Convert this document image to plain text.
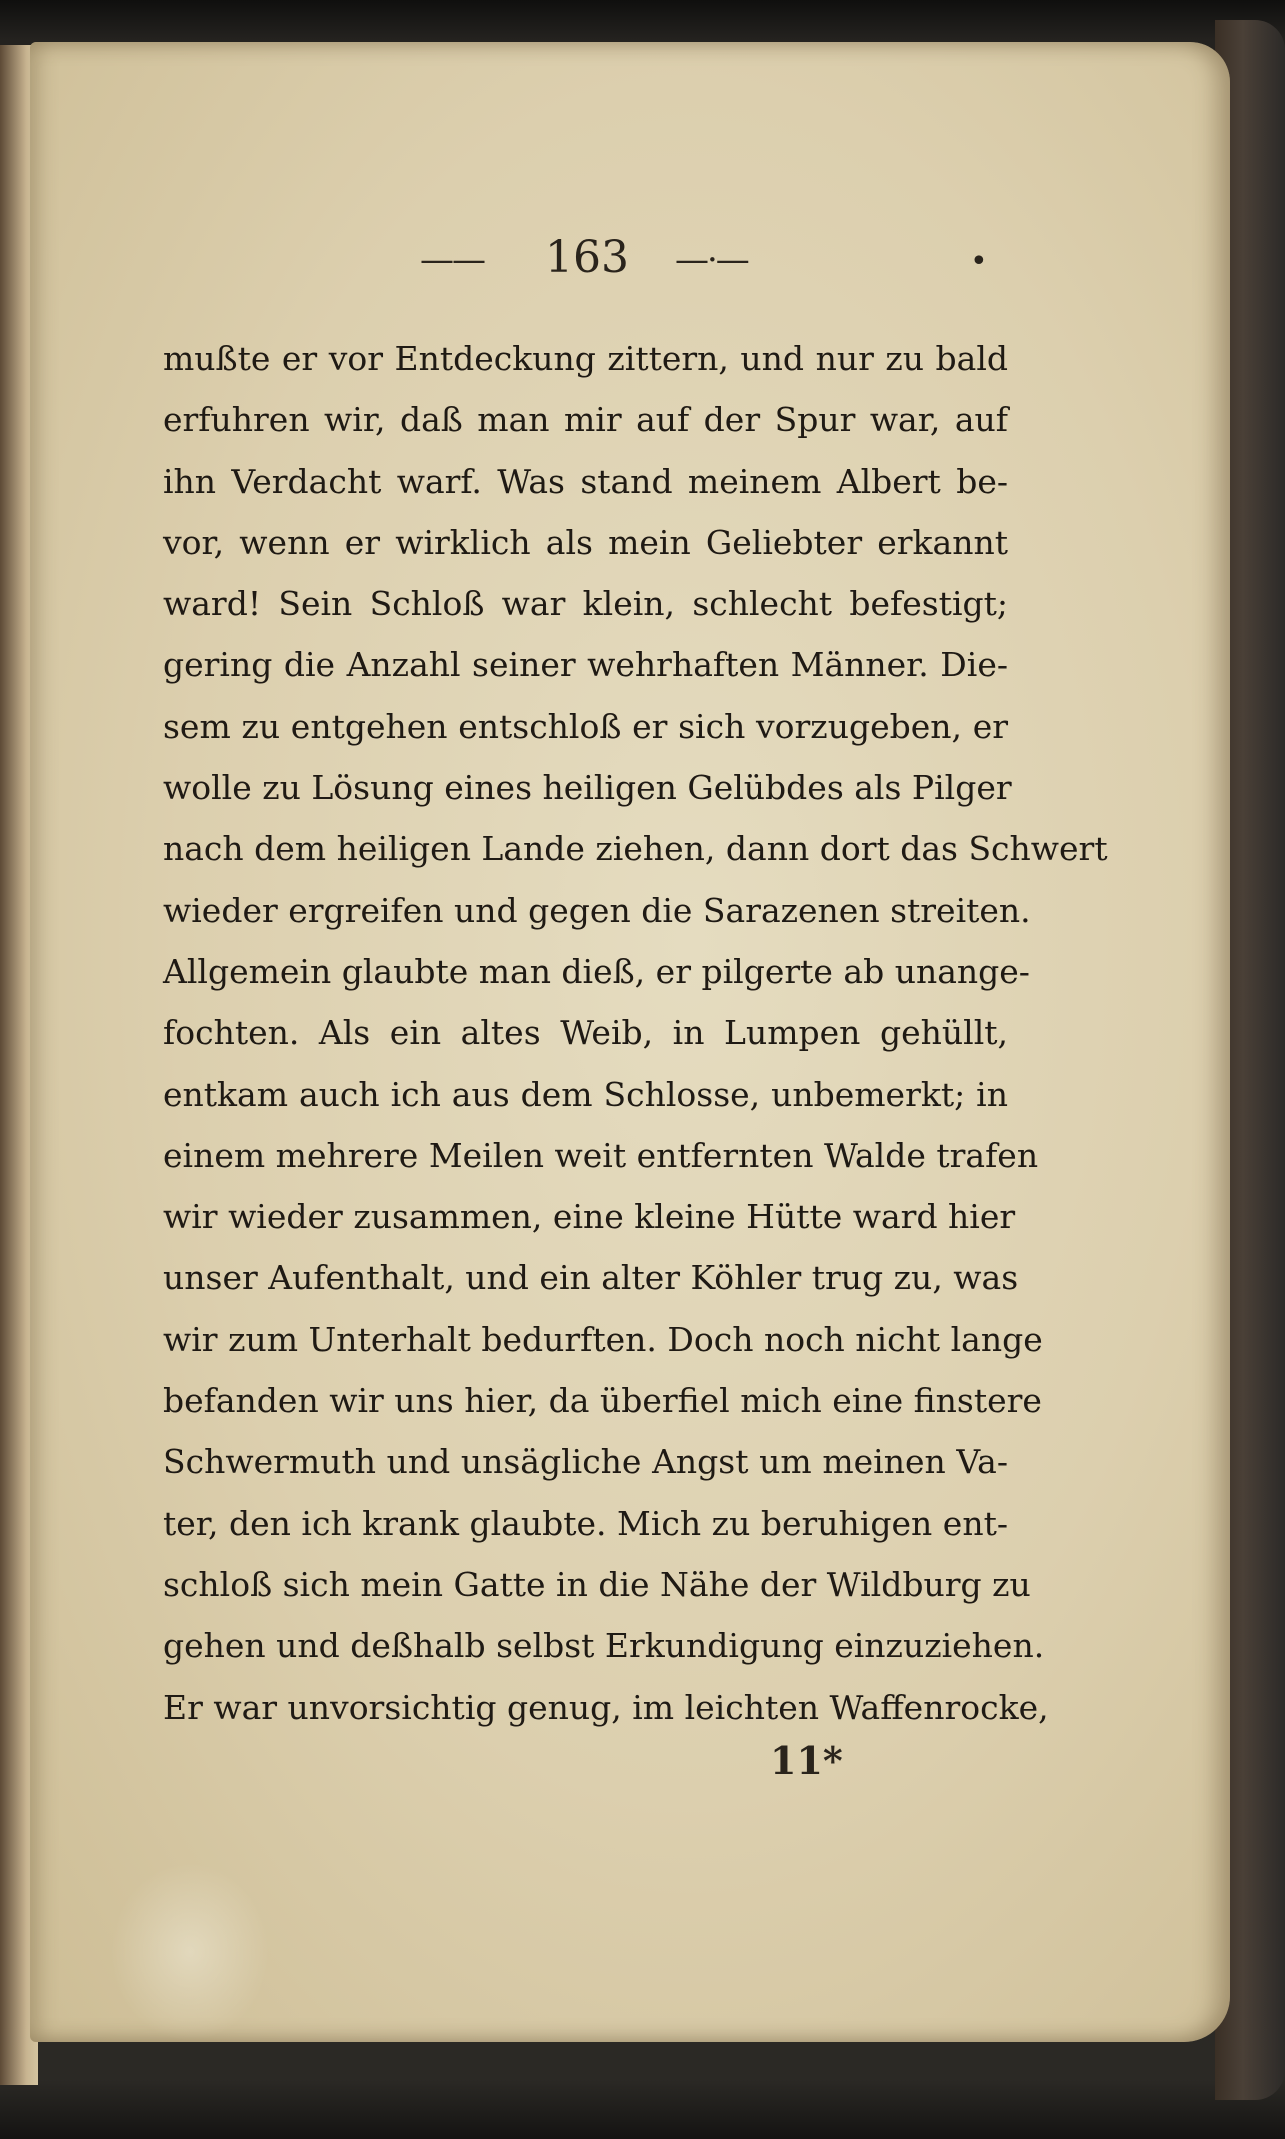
—— 163 —·—	•
mußte er vor Entdeckung zittern, und nur zu bald
erfuhren wir, daß man mir auf der Spur war, auf
ihn Verdacht warf. Was stand meinem Albert be-
vor, wenn er wirklich als mein Geliebter erkannt
ward! Sein Schloß war klein, schlecht befestigt;
gering die Anzahl seiner wehrhaften Männer. Die-
sem zu entgehen entschloß er sich vorzugeben, er
wolle zu Lösung eines heiligen Gelübdes als Pilger
nach dem heiligen Lande ziehen, dann dort das Schwert
wieder ergreifen und gegen die Sarazenen streiten.
Allgemein glaubte man dieß, er pilgerte ab unange-
fochten. Als ein altes Weib, in Lumpen gehüllt,
entkam auch ich aus dem Schlosse, unbemerkt; in
einem mehrere Meilen weit entfernten Walde trafen
wir wieder zusammen, eine kleine Hütte ward hier
unser Aufenthalt, und ein alter Köhler trug zu, was
wir zum Unterhalt bedurften. Doch noch nicht lange
befanden wir uns hier, da überfiel mich eine finstere
Schwermuth und unsägliche Angst um meinen Va-
ter, den ich krank glaubte. Mich zu beruhigen ent-
schloß sich mein Gatte in die Nähe der Wildburg zu
gehen und deßhalb selbst Erkundigung einzuziehen.
Er war unvorsichtig genug, im leichten Waffenrocke,
11*
